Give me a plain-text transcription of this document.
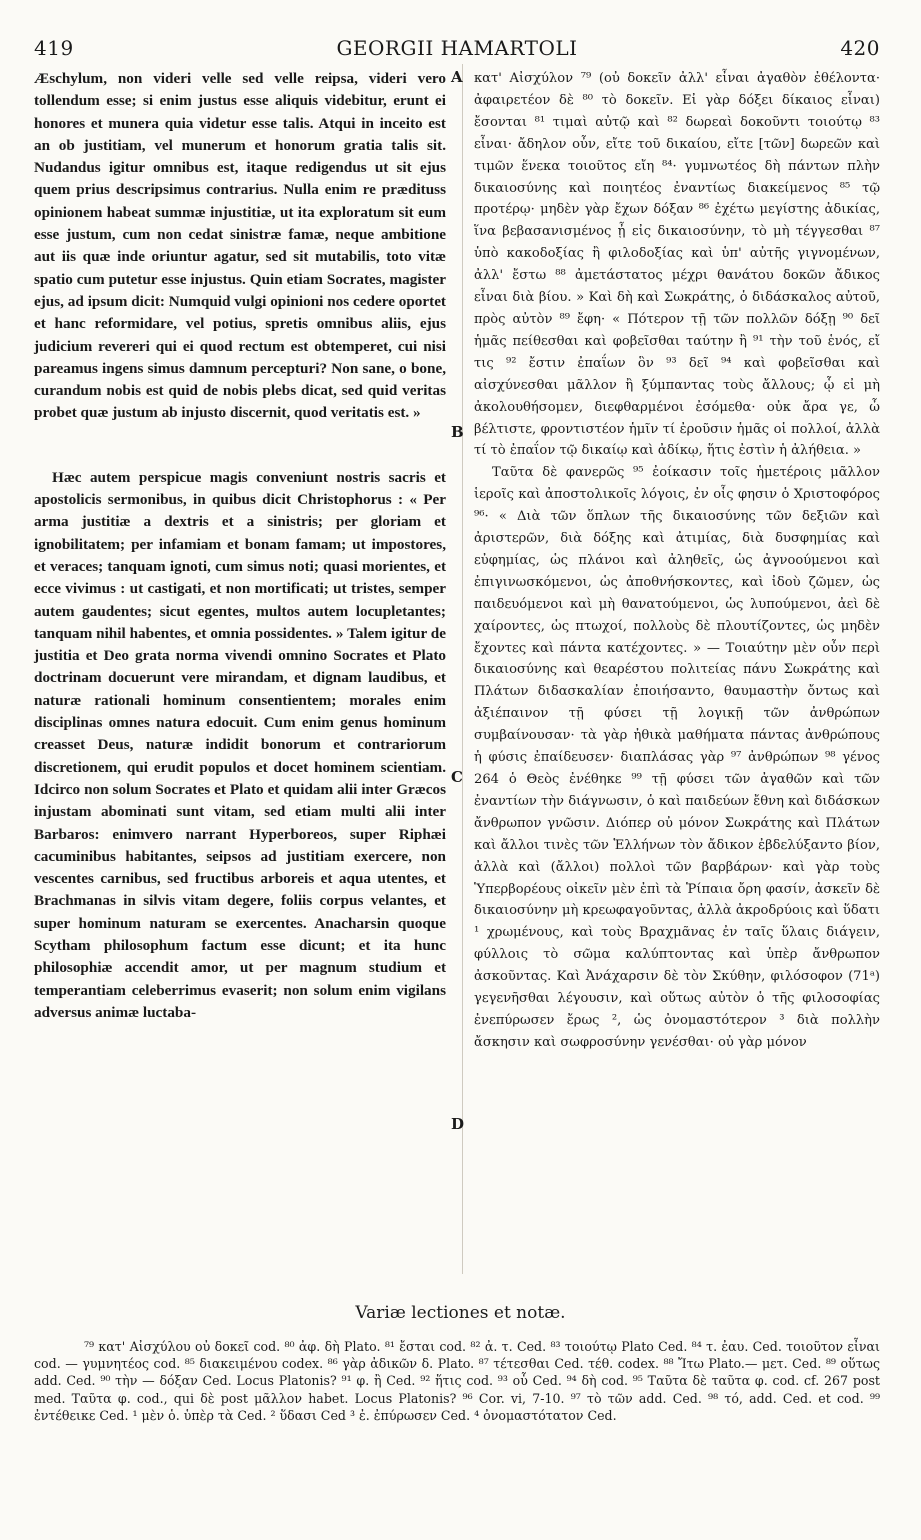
419	GEORGII HAMARTOLI	420

Æschylum, non videri velle sed velle reipsa, videri vero tollendum esse; si enim justus esse aliquis videbitur, erunt ei honores et munera quia videtur esse talis. Atqui in inceito est an ob justitiam, vel munerum et honorum gratia talis sit. Nudandus igitur omnibus est, itaque redigendus ut sit ejus quem prius descripsimus contrarius. Nulla enim re prædituss opinionem habeat summæ injustitiæ, ut ita exploratum sit eum esse justum, cum non cedat sinistræ famæ, neque ambitione aut iis quæ inde oriuntur agatur, sed sit mutabilis, toto vitæ spatio cum putetur esse injustus. Quin etiam Socrates, magister ejus, ad ipsum dicit: Numquid vulgi opinioni nos cedere oportet et hanc reformidare, vel potius, spretis omnibus aliis, ejus judicium revereri qui ei quod rectum est obtemperet, cui nisi pareamus ingens simus damnum percepturi? Non sane, o bone, curandum nobis est quid de nobis plebs dicat, sed quid veritas probet quæ justum ab injusto discernit, quod veritatis est. »

Hæc autem perspicue magis conveniunt nostris sacris et apostolicis sermonibus, in quibus dicit Christophorus : « Per arma justitiæ a dextris et a sinistris; per gloriam et ignobilitatem; per infamiam et bonam famam; ut impostores, et veraces; tanquam ignoti, cum simus noti; quasi morientes, et ecce vivimus : ut castigati, et non mortificati; ut tristes, semper autem gaudentes; sicut egentes, multos autem locupletantes; tanquam nihil habentes, et omnia possidentes. » Talem igitur de justitia et Deo grata norma vivendi omnino Socrates et Plato doctrinam docuerunt vere mirandam, et dignam laudibus, et naturæ rationali hominum consentientem; morales enim disciplinas omnes natura edocuit. Cum enim genus hominum creasset Deus, naturæ indidit bonorum et contrariorum discretionem, qui erudit populos et docet hominem scientiam. Idcirco non solum Socrates et Plato et quidam alii inter Græcos injustam abominati sunt vitam, sed etiam multi alii inter Barbaros: enimvero narrant Hyperboreos, super Riphæi cacuminibus habitantes, seipsos ad justitiam exercere, non vescentes carnibus, sed fructibus arboreis et aqua utentes, et Brachmanas in silvis vitam degere, foliis corpus velantes, et super hominum naturam se exercentes. Anacharsin quoque Scytham philosophum factum esse dicunt; et ita hunc philosophiæ accendit amor, ut per magnum studium et temperantiam celeberrimus evaserit; non solum enim vigilans adversus animæ luctaba-

A
B
C
D

κατ' Αἰσχύλον ⁷⁹ (οὐ δοκεῖν ἀλλ' εἶναι ἀγαθὸν ἐθέλοντα· ἀφαιρετέον δὲ ⁸⁰ τὸ δοκεῖν. Εἰ γὰρ δόξει δίκαιος εἶναι) ἔσονται ⁸¹ τιμαὶ αὐτῷ καὶ ⁸² δωρεαὶ δοκοῦντι τοιούτῳ ⁸³ εἶναι· ἄδηλον οὖν, εἴτε τοῦ δικαίου, εἴτε [τῶν] δωρεῶν καὶ τιμῶν ἕνεκα τοιοῦτος εἴη ⁸⁴· γυμνωτέος δὴ πάντων πλὴν δικαιοσύνης καὶ ποιητέος ἐναντίως διακείμενος ⁸⁵ τῷ προτέρῳ· μηδὲν γὰρ ἔχων δόξαν ⁸⁶ ἐχέτω μεγίστης ἀδικίας, ἵνα βεβασανισμένος ᾖ εἰς δικαιοσύνην, τὸ μὴ τέγγεσθαι ⁸⁷ ὑπὸ κακοδοξίας ἢ φιλοδοξίας καὶ ὑπ' αὐτῆς γιγνομένων, ἀλλ' ἔστω ⁸⁸ ἀμετάστατος μέχρι θανάτου δοκῶν ἄδικος εἶναι διὰ βίου. » Καὶ δὴ καὶ Σωκράτης, ὁ διδάσκαλος αὐτοῦ, πρὸς αὐτὸν ⁸⁹ ἔφη· « Πότερον τῇ τῶν πολλῶν δόξῃ ⁹⁰ δεῖ ἡμᾶς πείθεσθαι καὶ φοβεῖσθαι ταύτην ἢ ⁹¹ τὴν τοῦ ἑνός, εἴ τις ⁹² ἔστιν ἐπαΐων ὃν ⁹³ δεῖ ⁹⁴ καὶ φοβεῖσθαι καὶ αἰσχύνεσθαι μᾶλλον ἢ ξύμπαντας τοὺς ἄλλους; ᾧ εἰ μὴ ἀκολουθήσομεν, διεφθαρμένοι ἐσόμεθα· οὐκ ἄρα γε, ὦ βέλτιστε, φροντιστέον ἡμῖν τί ἐροῦσιν ἡμᾶς οἱ πολλοί, ἀλλὰ τί τὸ ἐπαΐον τῷ δικαίῳ καὶ ἀδίκῳ, ἥτις ἐστὶν ἡ ἀλήθεια. »

Ταῦτα δὲ φανερῶς ⁹⁵ ἐοίκασιν τοῖς ἡμετέροις μᾶλλον ἱεροῖς καὶ ἀποστολικοῖς λόγοις, ἐν οἷς φησιν ὁ Χριστοφόρος ⁹⁶· « Διὰ τῶν ὅπλων τῆς δικαιοσύνης τῶν δεξιῶν καὶ ἀριστερῶν, διὰ δόξης καὶ ἀτιμίας, διὰ δυσφημίας καὶ εὐφημίας, ὡς πλάνοι καὶ ἀληθεῖς, ὡς ἀγνοούμενοι καὶ ἐπιγινωσκόμενοι, ὡς ἀποθνήσκοντες, καὶ ἰδοὺ ζῶμεν, ὡς παιδευόμενοι καὶ μὴ θανατούμενοι, ὡς λυπούμενοι, ἀεὶ δὲ χαίροντες, ὡς πτωχοί, πολλοὺς δὲ πλουτίζοντες, ὡς μηδὲν ἔχοντες καὶ πάντα κατέχοντες. » — Τοιαύτην μὲν οὖν περὶ δικαιοσύνης καὶ θεαρέστου πολιτείας πάνυ Σωκράτης καὶ Πλάτων διδασκαλίαν ἐποιήσαντο, θαυμαστὴν ὄντως καὶ ἀξιέπαινον τῇ φύσει τῇ λογικῇ τῶν ἀνθρώπων συμβαίνουσαν· τὰ γὰρ ἠθικὰ μαθήματα πάντας ἀνθρώπους ἡ φύσις ἐπαίδευσεν· διαπλάσας γὰρ ⁹⁷ ἀνθρώπων ⁹⁸ γένος 264 ὁ Θεὸς ἐνέθηκε ⁹⁹ τῇ φύσει τῶν ἀγαθῶν καὶ τῶν ἐναντίων τὴν διάγνωσιν, ὁ καὶ παιδεύων ἔθνη καὶ διδάσκων ἄνθρωπον γνῶσιν. Διόπερ οὐ μόνον Σωκράτης καὶ Πλάτων καὶ ἄλλοι τινὲς τῶν Ἑλλήνων τὸν ἄδικον ἐβδελύξαντο βίον, ἀλλὰ καὶ (ἄλλοι) πολλοὶ τῶν βαρβάρων· καὶ γὰρ τοὺς Ὑπερβορέους οἰκεῖν μὲν ἐπὶ τὰ Ῥίπαια ὄρη φασίν, ἀσκεῖν δὲ δικαιοσύνην μὴ κρεωφαγοῦντας, ἀλλὰ ἀκροδρύοις καὶ ὕδατι ¹ χρωμένους, καὶ τοὺς Βραχμᾶνας ἐν ταῖς ὕλαις διάγειν, φύλλοις τὸ σῶμα καλύπτοντας καὶ ὑπὲρ ἄνθρωπον ἀσκοῦντας. Καὶ Ἀνάχαρσιν δὲ τὸν Σκύθην, φιλόσοφον (71ᵃ) γεγενῆσθαι λέγουσιν, καὶ οὕτως αὐτὸν ὁ τῆς φιλοσοφίας ἐνεπύρωσεν ἔρως ², ὡς ὀνομαστότερον ³ διὰ πολλὴν ἄσκησιν καὶ σωφροσύνην γενέσθαι· οὐ γὰρ μόνον

Variæ lectiones et notæ.

⁷⁹ κατ' Αἰσχύλου οὐ δοκεῖ cod. ⁸⁰ ἀφ. δὴ Plato. ⁸¹ ἔσται cod. ⁸² ἀ. τ. Ced. ⁸³ τοιούτῳ Plato Ced. ⁸⁴ τ. ἐαυ. Ced. τοιοῦτον εἶναι cod. — γυμνητέος cod. ⁸⁵ διακειμένου codex. ⁸⁶ γὰρ ἀδικῶν δ. Plato. ⁸⁷ τέτεσθαι Ced. τέθ. codex. ⁸⁸ Ἴτω Plato.— μετ. Ced. ⁸⁹ οὕτως add. Ced. ⁹⁰ τὴν — δόξαν Ced. Locus Platonis? ⁹¹ φ. ἢ Ced. ⁹² ἥτις cod. ⁹³ οὗ Ced. ⁹⁴ δὴ cod. ⁹⁵ Ταῦτα δὲ ταῦτα φ. cod. cf. 267 post med. Ταῦτα φ. cod., qui δὲ post μᾶλλον habet. Locus Platonis? ⁹⁶ Cor. vi, 7-10. ⁹⁷ τὸ τῶν add. Ced. ⁹⁸ τό, add. Ced. et cod. ⁹⁹ ἐντέθεικε Ced. ¹ μὲν ὁ. ὑπὲρ τὰ Ced. ² ὕδασι Ced ³ ἐ. ἐπύρωσεν Ced. ⁴ ὀνομαστότατον Ced.
